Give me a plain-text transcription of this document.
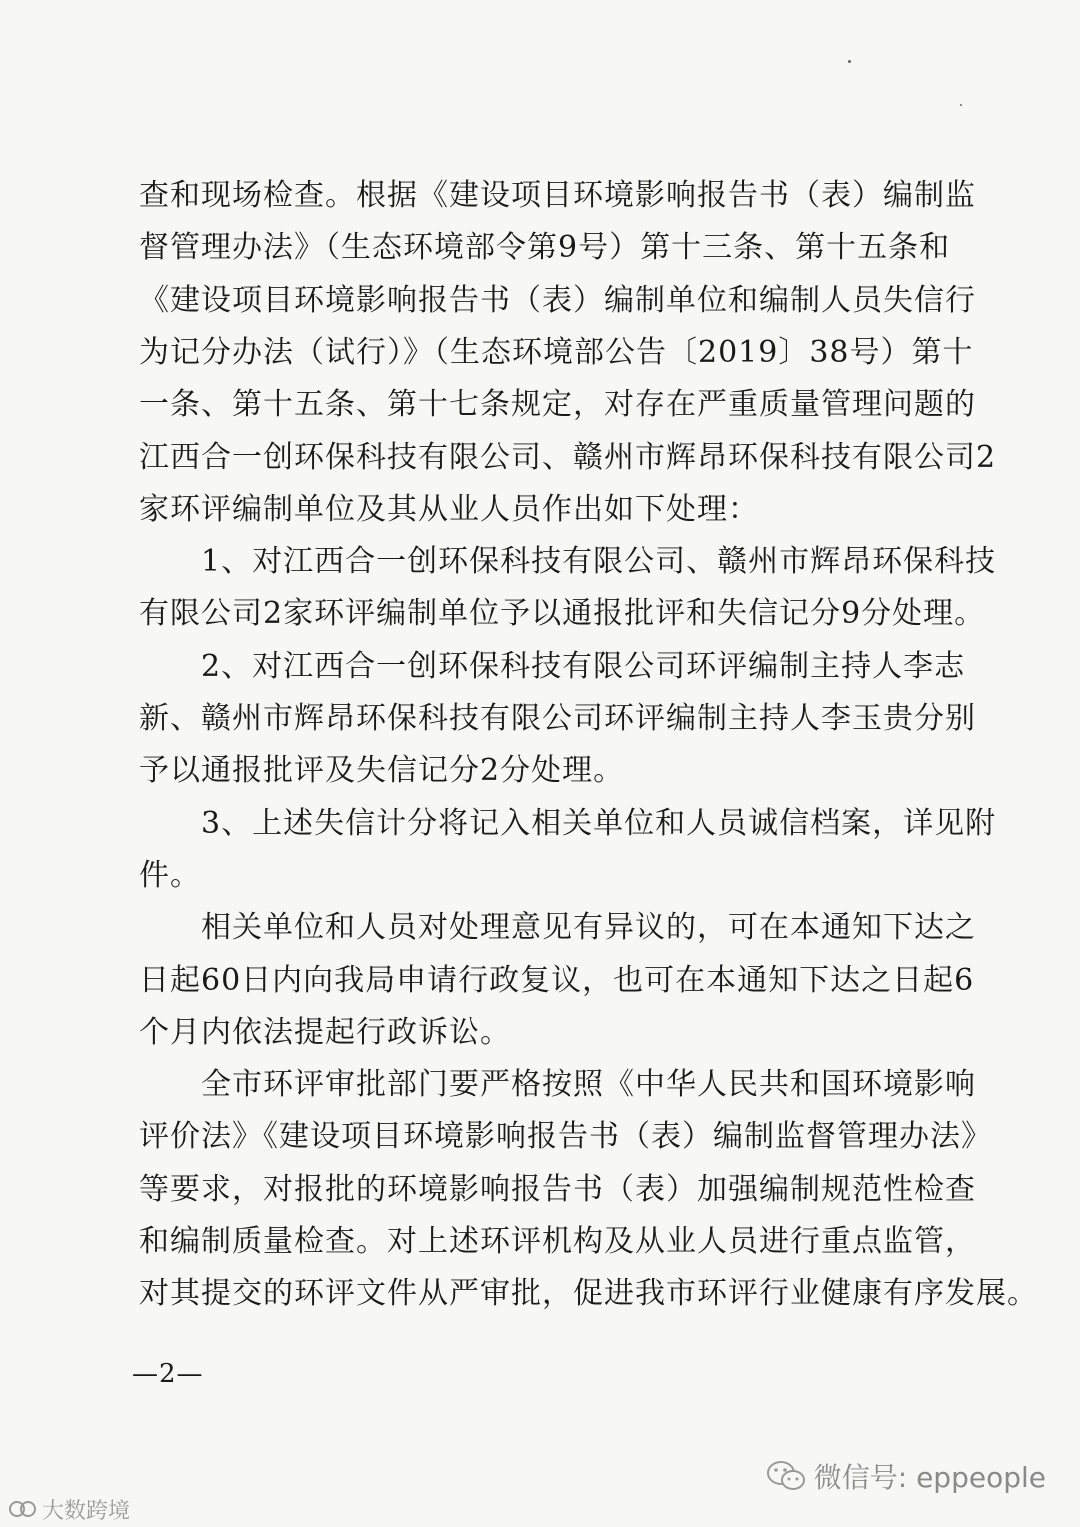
查和现场检查。根据《建设项目环境影响报告书（表）编制监
督管理办法》（生态环境部令第9号）第十三条、第十五条和
《建设项目环境影响报告书（表）编制单位和编制人员失信行
为记分办法（试行）》（生态环境部公告〔2019〕38号）第十
一条、第十五条、第十七条规定，对存在严重质量管理问题的
江西合一创环保科技有限公司、赣州市辉昂环保科技有限公司2
家环评编制单位及其从业人员作出如下处理：
　　1、对江西合一创环保科技有限公司、赣州市辉昂环保科技
有限公司2家环评编制单位予以通报批评和失信记分9分处理。
　　2、对江西合一创环保科技有限公司环评编制主持人李志
新、赣州市辉昂环保科技有限公司环评编制主持人李玉贵分别
予以通报批评及失信记分2分处理。
　　3、上述失信计分将记入相关单位和人员诚信档案，详见附
件。
　　相关单位和人员对处理意见有异议的，可在本通知下达之
日起60日内向我局申请行政复议，也可在本通知下达之日起6
个月内依法提起行政诉讼。
　　全市环评审批部门要严格按照《中华人民共和国环境影响
评价法》《建设项目环境影响报告书（表）编制监督管理办法》
等要求，对报批的环境影响报告书（表）加强编制规范性检查
和编制质量检查。对上述环评机构及从业人员进行重点监管，
对其提交的环评文件从严审批，促进我市环评行业健康有序发展。
—2—
微信号: eppeople
大数跨境
